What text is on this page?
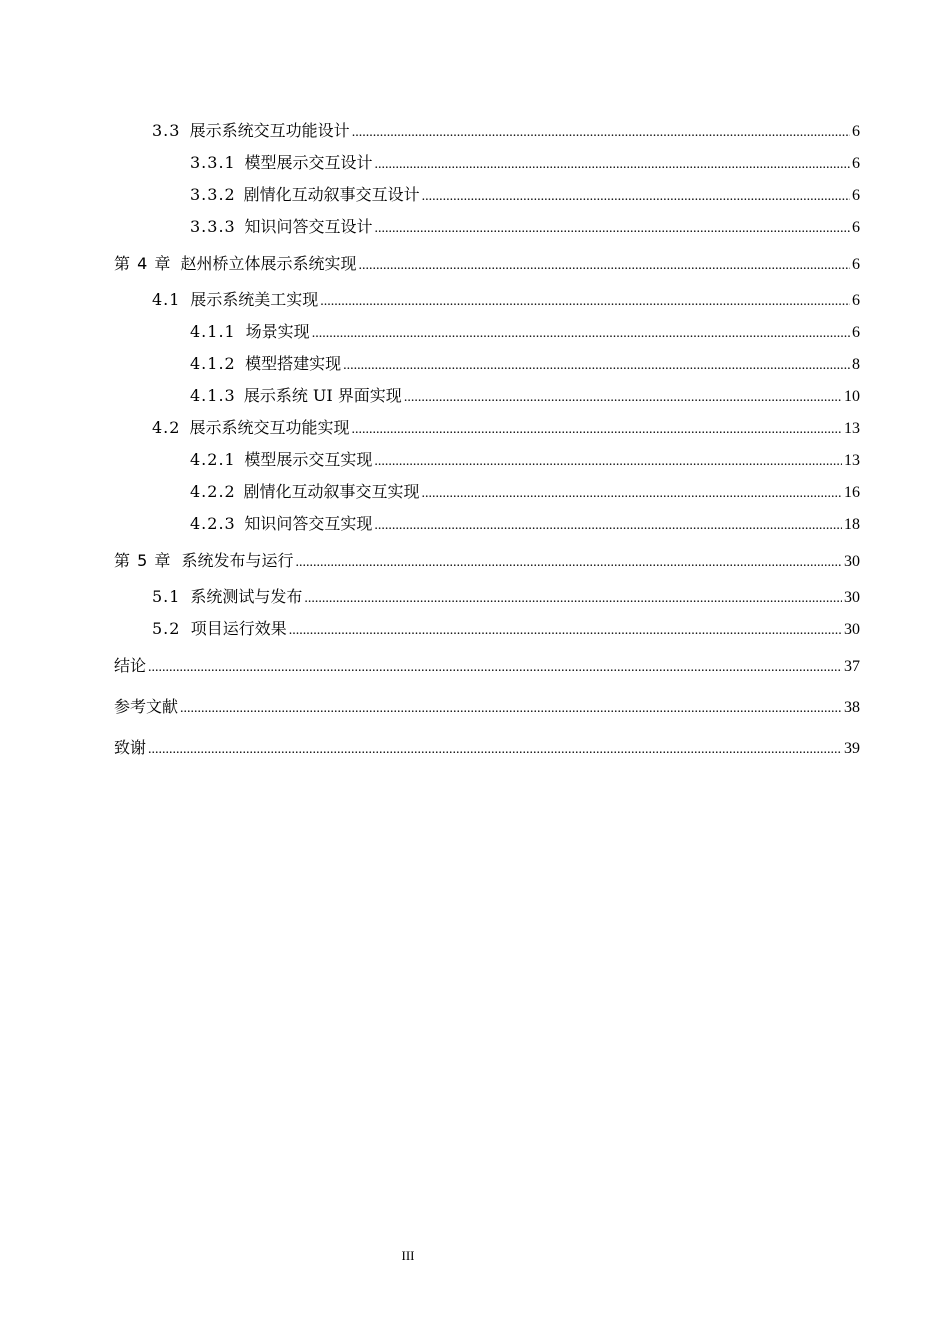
3.3 展示系统交互功能设计 .....	6
3.3.1 模型展示交互设计 .....	6
3.3.2 剧情化互动叙事交互设计 .....	6
3.3.3 知识问答交互设计 .....	6
第 4 章 赵州桥立体展示系统实现 .....	6
4.1 展示系统美工实现 .....	6
4.1.1 场景实现 .....	6
4.1.2 模型搭建实现 .....	8
4.1.3 展示系统 UI 界面实现 .....	10
4.2 展示系统交互功能实现 .....	13
4.2.1 模型展示交互实现 .....	13
4.2.2 剧情化互动叙事交互实现 .....	16
4.2.3 知识问答交互实现 .....	18
第 5 章 系统发布与运行 .....	30
5.1 系统测试与发布 .....	30
5.2 项目运行效果 .....	30
结论 .....	37
参考文献 .....	38
致谢 .....	39
III
